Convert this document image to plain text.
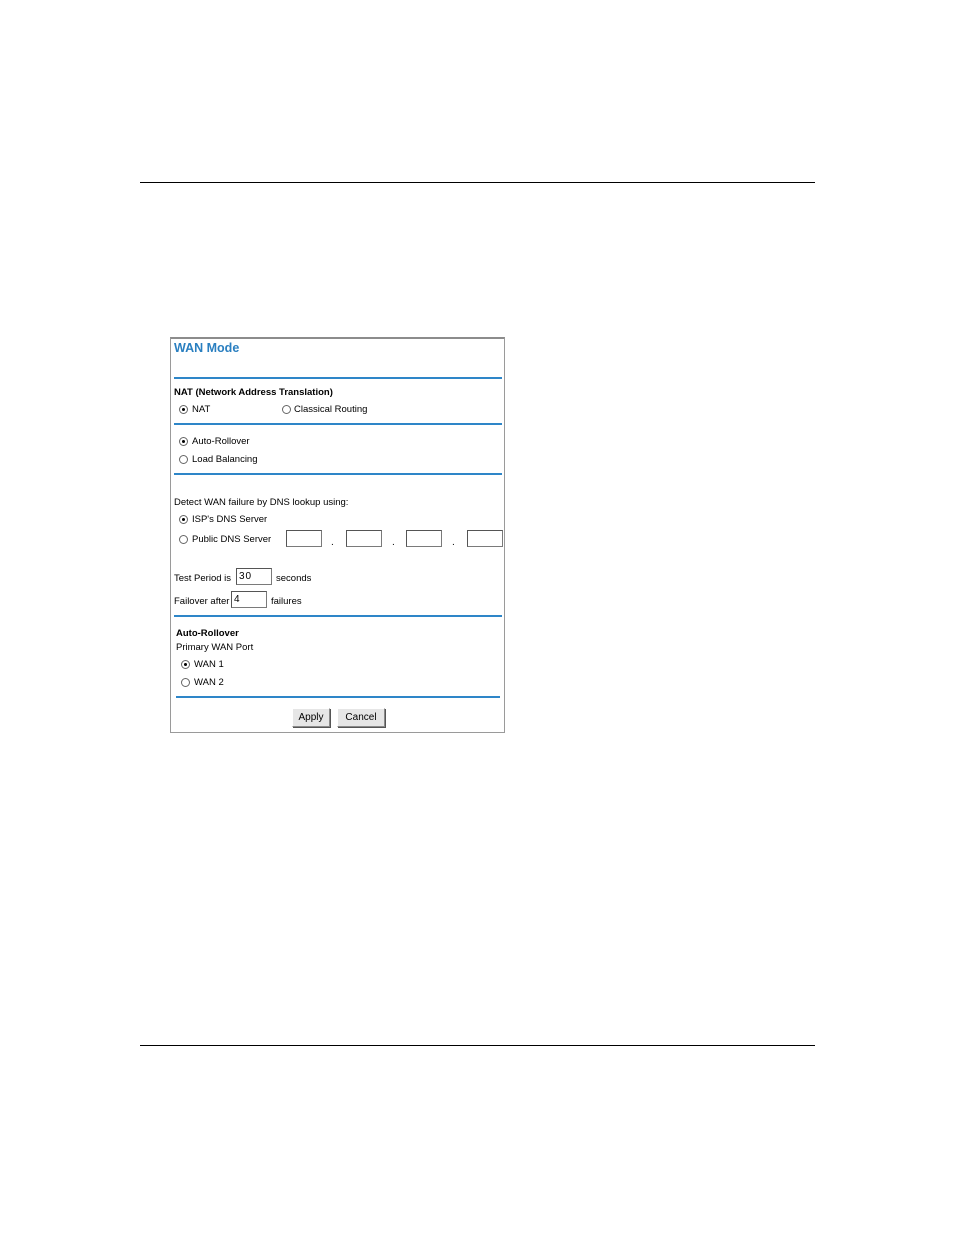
WAN Mode
NAT (Network Address Translation)
NAT	Classical Routing
Auto-Rollover
Load Balancing
Detect WAN failure by DNS lookup using:
ISP's DNS Server
Public DNS Server	.	.	.
Test Period is 30	seconds
Failover after 4	failures
Auto-Rollover
Primary WAN Port
WAN 1
WAN 2
Apply	Cancel
